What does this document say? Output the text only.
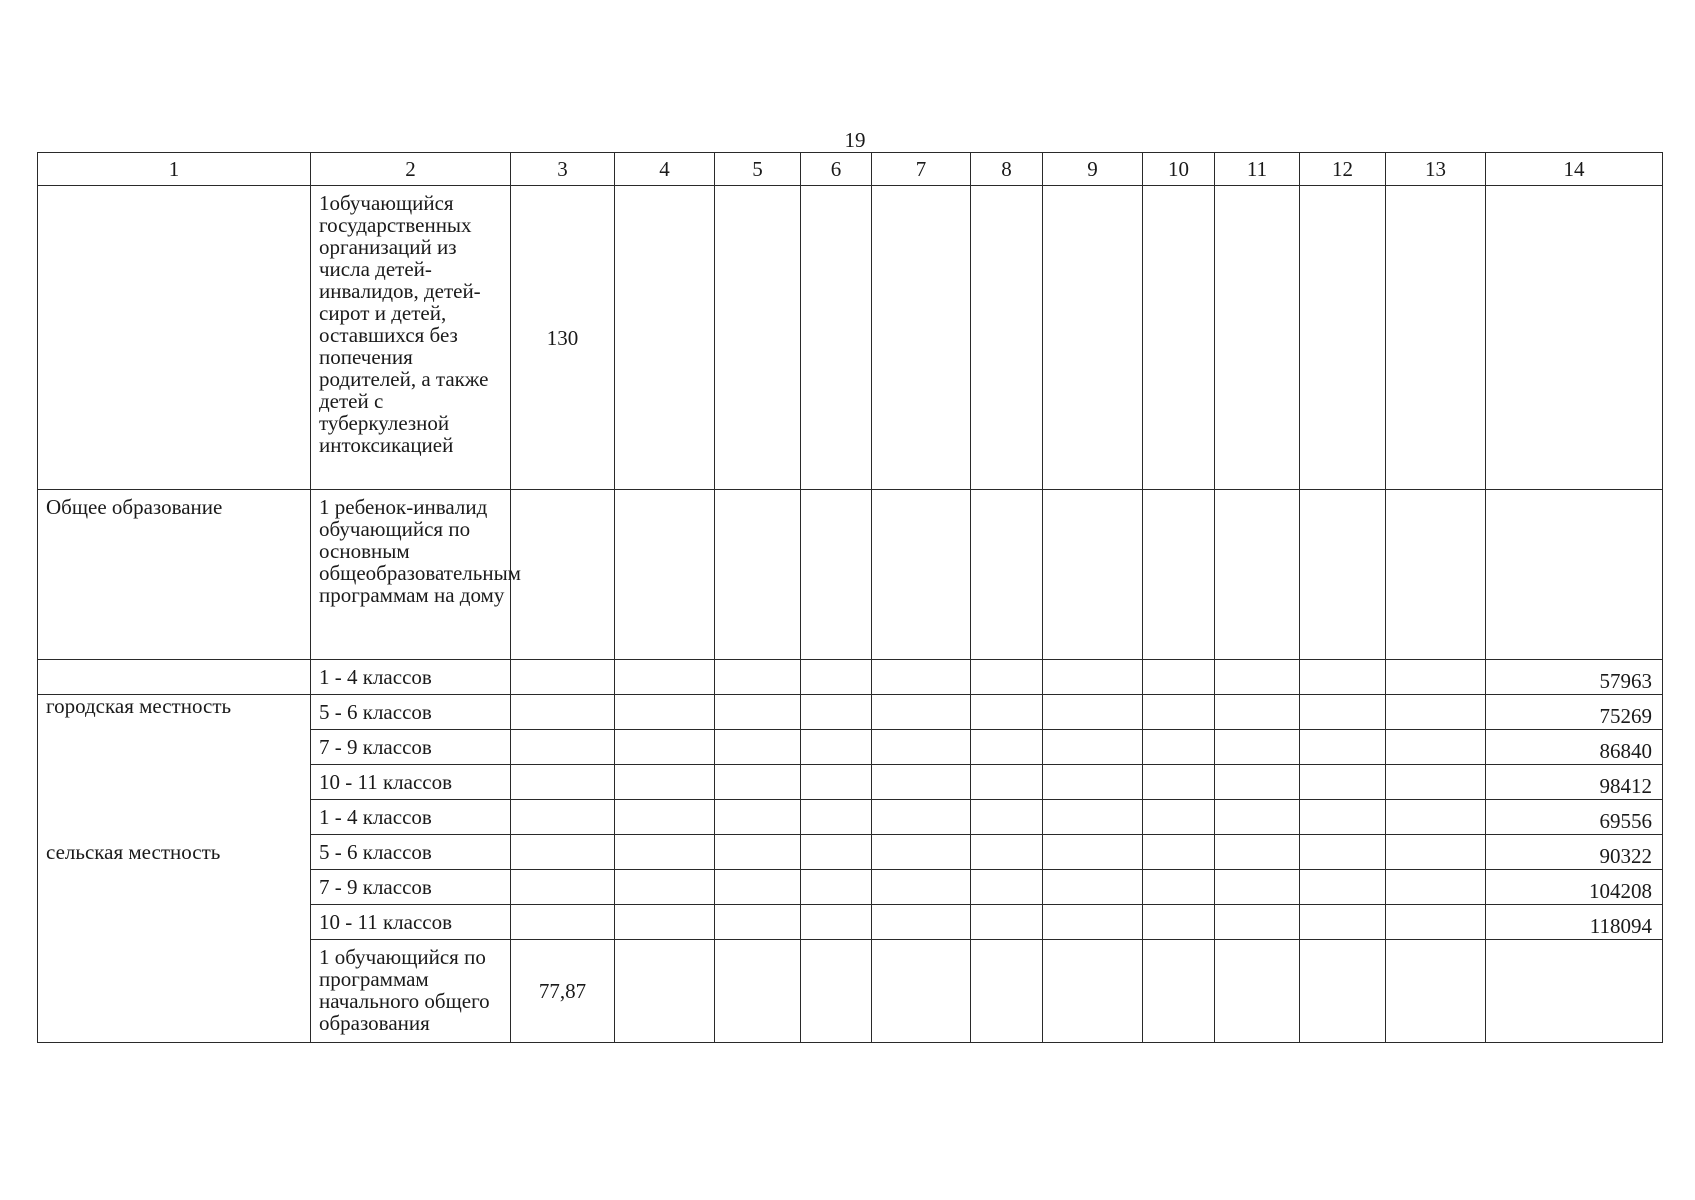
19
1	2	3	4	5	6	7	8	9	10	11	12	13	14
	1обучающийся государственных организаций из числа детей-инвалидов, детей-сирот и детей, оставшихся без попечения родителей, а также детей с туберкулезной интоксикацией	130											
Общее образование	1 ребенок-инвалид обучающийся по основным общеобразовательным программам на дому												
	1 - 4 классов												57963
городская местность	5 - 6 классов												75269
	7 - 9 классов												86840
	10 - 11 классов												98412
	1 - 4 классов												69556
сельская местность	5 - 6 классов												90322
	7 - 9 классов												104208
	10 - 11 классов												118094
	1 обучающийся по программам начального общего образования	77,87											
